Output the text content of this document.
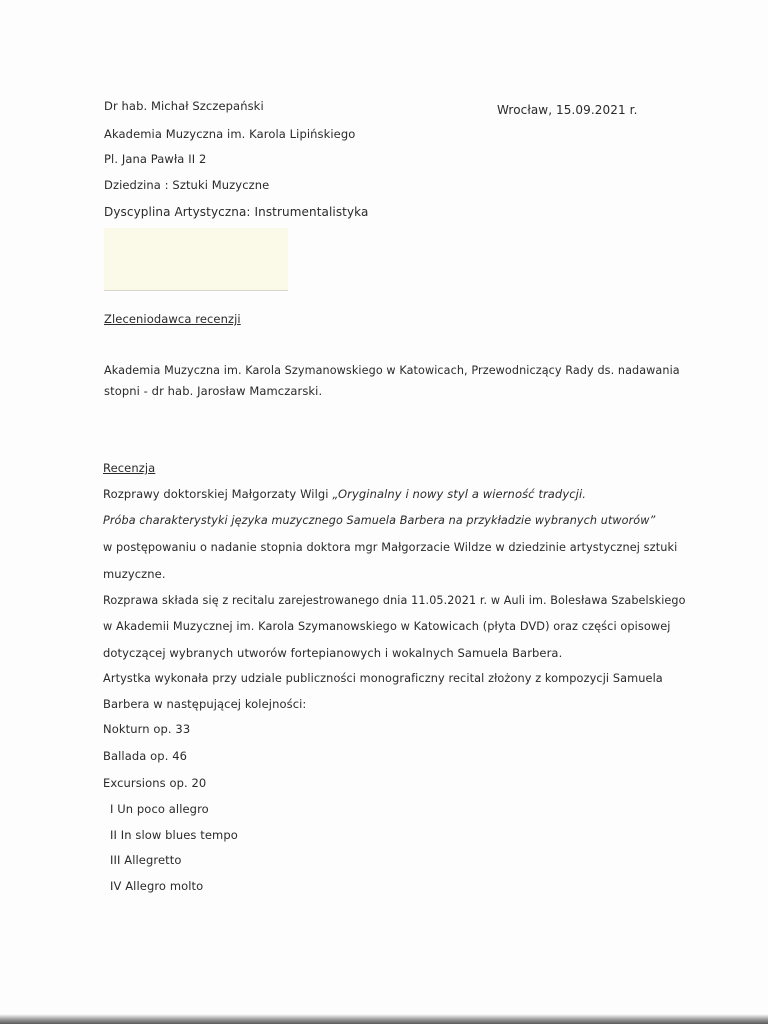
Dr hab. Michał Szczepański	Wrocław, 15.09.2021 r.
Akademia Muzyczna im. Karola Lipińskiego
Pl. Jana Pawła II 2
Dziedzina : Sztuki Muzyczne
Dyscyplina Artystyczna: Instrumentalistyka
Zleceniodawca recenzji
Akademia Muzyczna im. Karola Szymanowskiego w Katowicach, Przewodniczący Rady ds. nadawania
stopni - dr hab. Jarosław Mamczarski.
Recenzja
Rozprawy doktorskiej Małgorzaty Wilgi „Oryginalny i nowy styl a wierność tradycji.
Próba charakterystyki języka muzycznego Samuela Barbera na przykładzie wybranych utworów”
w postępowaniu o nadanie stopnia doktora mgr Małgorzacie Wildze w dziedzinie artystycznej sztuki
muzyczne.
Rozprawa składa się z recitalu zarejestrowanego dnia 11.05.2021 r. w Auli im. Bolesława Szabelskiego
w Akademii Muzycznej im. Karola Szymanowskiego w Katowicach (płyta DVD) oraz części opisowej
dotyczącej wybranych utworów fortepianowych i wokalnych Samuela Barbera.
Artystka wykonała przy udziale publiczności monograficzny recital złożony z kompozycji Samuela
Barbera w następującej kolejności:
Nokturn op. 33
Ballada op. 46
Excursions op. 20
I Un poco allegro
II In slow blues tempo
III Allegretto
IV Allegro molto
